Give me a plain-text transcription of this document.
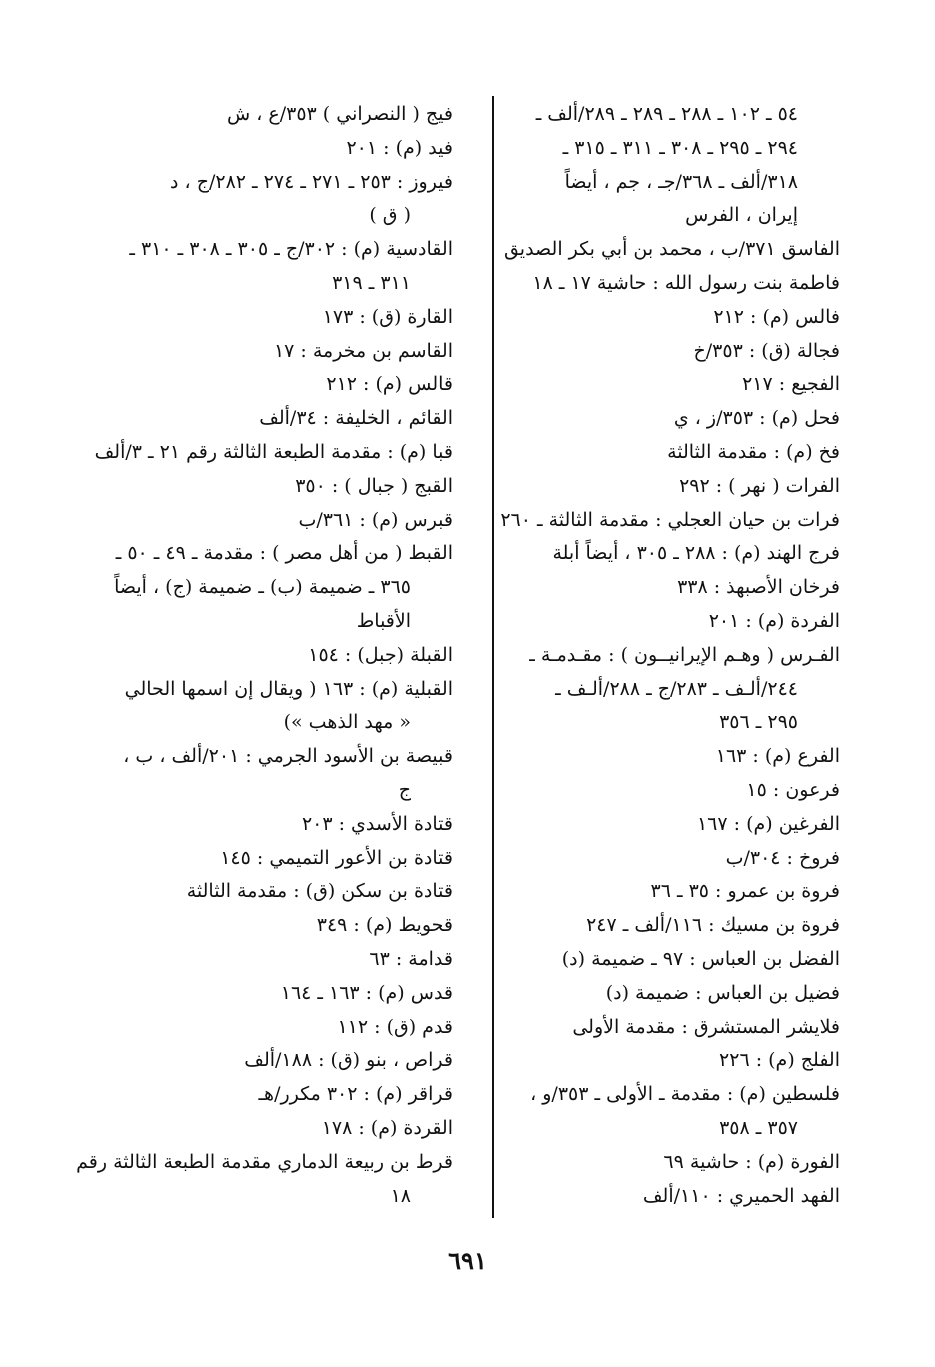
٥٤ ـ ١٠٢ ـ ٢٨٨ ـ ٢٨٩ ـ ٢٨٩/ألف ـ
٢٩٤ ـ ٢٩٥ ـ ٣٠٨ ـ ٣١١ ـ ٣١٥ ـ
٣١٨/ألف ـ ٣٦٨/جـ ، جم ، أيضاً
إيران ، الفرس
الفاسق ٣٧١/ب ، محمد بن أبي بكر الصديق
فاطمة بنت رسول الله : حاشية ١٧ ـ ١٨
فالس (م) : ٢١٢
فجالة (ق) : ٣٥٣/خ
الفجيع : ٢١٧
فحل (م) : ٣٥٣/ز ، ي
فخ (م) : مقدمة الثالثة
الفرات ( نهر ) : ٢٩٢
فرات بن حيان العجلي : مقدمة الثالثة ـ ٢٦٠
فرج الهند (م) : ٢٨٨ ـ ٣٠٥ ، أيضاً أبلة
فرخان الأصبهذ : ٣٣٨
الفردة (م) : ٢٠١
الفـرس ( وهـم الإيرانيــون ) : مقـدمـة ـ
٢٤٤/ألـف ـ ٢٨٣/ج ـ ٢٨٨/ألـف ـ
٢٩٥ ـ ٣٥٦
الفرع (م) : ١٦٣
فرعون : ١٥
الفرغين (م) : ١٦٧
فروخ : ٣٠٤/ب
فروة بن عمرو : ٣٥ ـ ٣٦
فروة بن مسيك : ١١٦/ألف ـ ٢٤٧
الفضل بن العباس : ٩٧ ـ ضميمة (د)
فضيل بن العباس : ضميمة (د)
فلايشر المستشرق : مقدمة الأولى
الفلج (م) : ٢٢٦
فلسطين (م) : مقدمة ـ الأولى ـ ٣٥٣/و ،
٣٥٧ ـ ٣٥٨
الفورة (م) : حاشية ٦٩
الفهد الحميري : ١١٠/ألف
فيج ( النصراني ) ٣٥٣/ع ، ش
فيد (م) : ٢٠١
فيروز : ٢٥٣ ـ ٢٧١ ـ ٢٧٤ ـ ٢٨٢/ج ، د
( ق )
القادسية (م) : ٣٠٢/ج ـ ٣٠٥ ـ ٣٠٨ ـ ٣١٠ ـ
٣١١ ـ ٣١٩
القارة (ق) : ١٧٣
القاسم بن مخرمة : ١٧
قالس (م) : ٢١٢
القائم ، الخليفة : ٣٤/ألف
قبا (م) : مقدمة الطبعة الثالثة رقم ٢١ ـ ٣/ألف
القبج ( جبال ) : ٣٥٠
قبرس (م) : ٣٦١/ب
القبط ( من أهل مصر ) : مقدمة ـ ٤٩ ـ ٥٠ ـ
٣٦٥ ـ ضميمة (ب) ـ ضميمة (ج) ، أيضاً
الأقباط
القبلة (جبل) : ١٥٤
القبلية (م) : ١٦٣ ( ويقال إن اسمها الحالي
« مهد الذهب »)
قبيصة بن الأسود الجرمي : ٢٠١/ألف ، ب ،
ج
قتادة الأسدي : ٢٠٣
قتادة بن الأعور التميمي : ١٤٥
قتادة بن سكن (ق) : مقدمة الثالثة
قحويط (م) : ٣٤٩
قدامة : ٦٣
قدس (م) : ١٦٣ ـ ١٦٤
قدم (ق) : ١١٢
قراص ، بنو (ق) : ١٨٨/ألف
قراقر (م) : ٣٠٢ مكرر/هـ
القردة (م) : ١٧٨
قرط بن ربيعة الدماري مقدمة الطبعة الثالثة رقم
١٨
٦٩١
